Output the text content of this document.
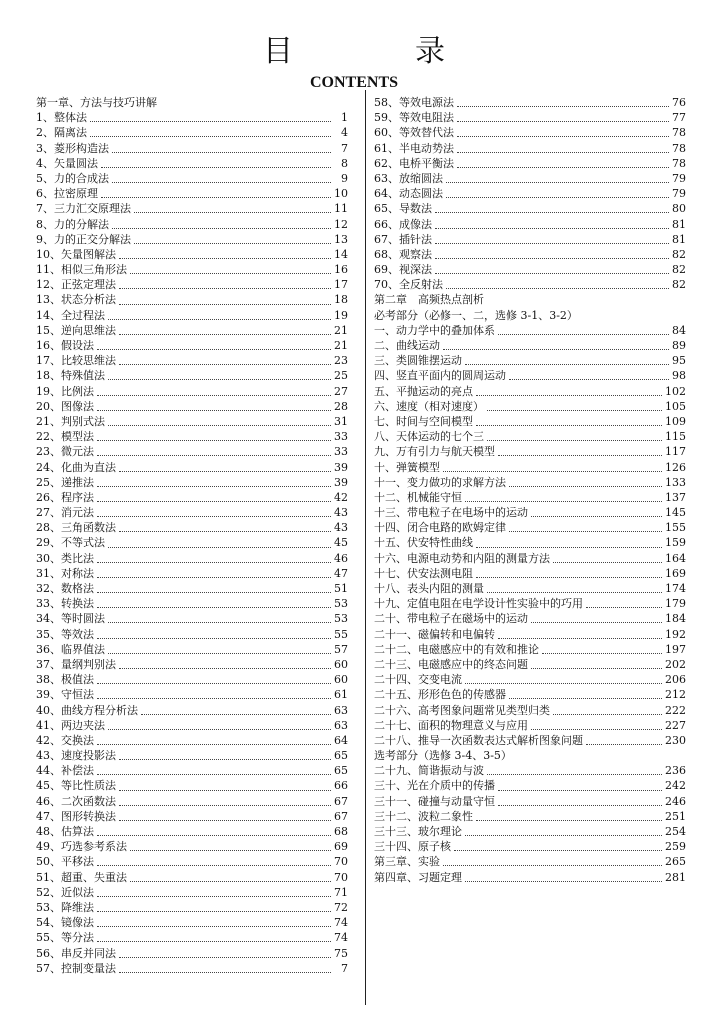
目　录
CONTENTS
第一章、方法与技巧讲解
1、整体法	1
2、隔离法	4
3、菱形构造法	7
4、矢量圆法	8
5、力的合成法	9
6、拉密原理	10
7、三力汇交原理法	11
8、力的分解法	12
9、力的正交分解法	13
10、矢量图解法	14
11、相似三角形法	16
12、正弦定理法	17
13、状态分析法	18
14、全过程法	19
15、逆向思维法	21
16、假设法	21
17、比较思维法	23
18、特殊值法	25
19、比例法	27
20、图像法	28
21、判别式法	31
22、模型法	33
23、微元法	33
24、化曲为直法	39
25、递推法	39
26、程序法	42
27、消元法	43
28、三角函数法	43
29、不等式法	45
30、类比法	46
31、对称法	47
32、数格法	51
33、转换法	53
34、等时圆法	53
35、等效法	55
36、临界值法	57
37、量纲判别法	60
38、极值法	60
39、守恒法	61
40、曲线方程分析法	63
41、两边夹法	63
42、交换法	64
43、速度投影法	65
44、补偿法	65
45、等比性质法	66
46、二次函数法	67
47、图形转换法	67
48、估算法	68
49、巧选参考系法	69
50、平移法	70
51、超重、失重法	70
52、近似法	71
53、降维法	72
54、镜像法	74
55、等分法	74
56、串反并同法	75
57、控制变量法	7
58、等效电源法	76
59、等效电阻法	77
60、等效替代法	78
61、半电动势法	78
62、电桥平衡法	78
63、放缩圆法	79
64、动态圆法	79
65、导数法	80
66、成像法	81
67、插针法	81
68、观察法	82
69、视深法	82
70、全反射法	82
第二章　高频热点剖析
必考部分（必修一、二，选修 3-1、3-2）
一、动力学中的叠加体系	84
二、曲线运动	89
三、类圆锥摆运动	95
四、竖直平面内的圆周运动	98
五、平抛运动的亮点	102
六、速度（相对速度）	105
七、时间与空间模型	109
八、天体运动的七个三	115
九、万有引力与航天模型	117
十、弹簧模型	126
十一、变力做功的求解方法	133
十二、机械能守恒	137
十三、带电粒子在电场中的运动	145
十四、闭合电路的欧姆定律	155
十五、伏安特性曲线	159
十六、电源电动势和内阻的测量方法	164
十七、伏安法测电阻	169
十八、表头内阻的测量	174
十九、定值电阻在电学设计性实验中的巧用	179
二十、带电粒子在磁场中的运动	184
二十一、磁偏转和电偏转	192
二十二、电磁感应中的有效和推论	197
二十三、电磁感应中的终态问题	202
二十四、交变电流	206
二十五、形形色色的传感器	212
二十六、高考图象问题常见类型归类	222
二十七、面积的物理意义与应用	227
二十八、推导一次函数表达式解析图象问题	230
选考部分（选修 3-4、3-5）
二十九、简谐振动与波	236
三十、光在介质中的传播	242
三十一、碰撞与动量守恒	246
三十二、波粒二象性	251
三十三、玻尔理论	254
三十四、原子核	259
第三章、实验	265
第四章、习题定理	281
